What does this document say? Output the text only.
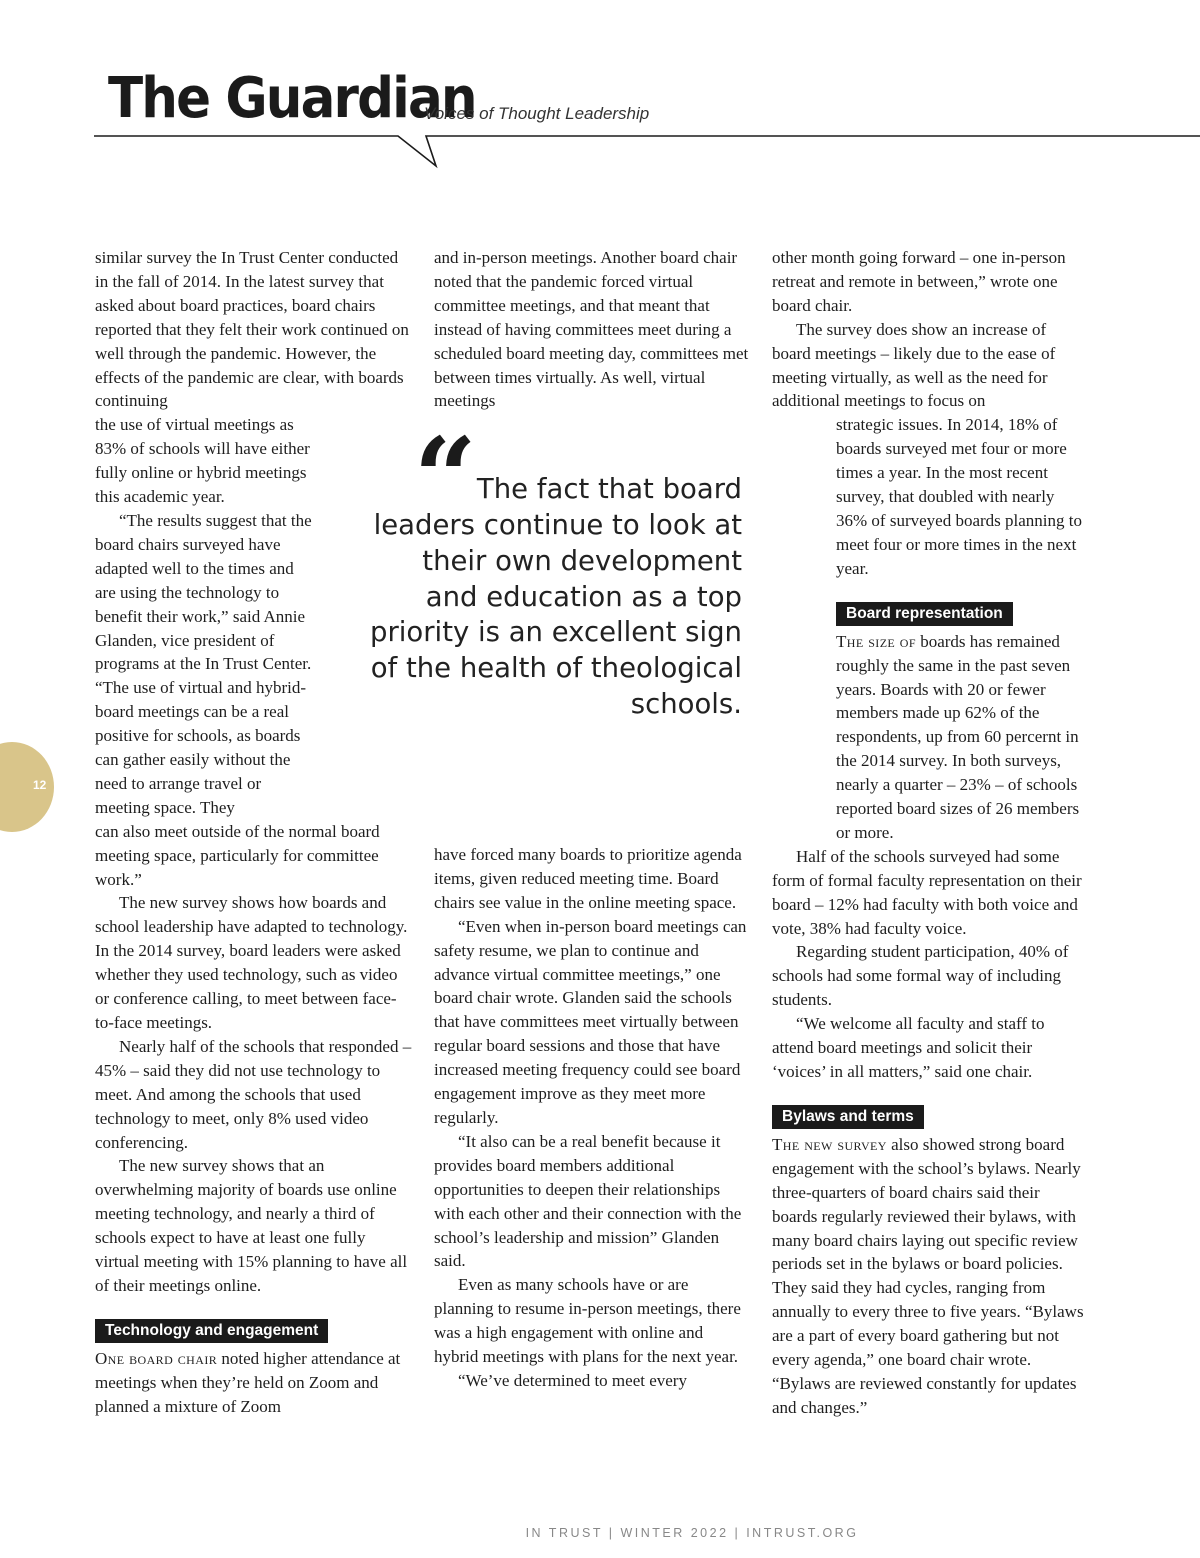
The Guardian
Voices of Thought Leadership
12

similar survey the In Trust Center conducted in the fall of 2014. In the latest survey that asked about board practices, board chairs reported that they felt their work continued on well through the pandemic. However, the effects of the pandemic are clear, with boards continuing

the use of virtual meetings as 83% of schools will have either fully online or hybrid meetings this academic year.

“The results suggest that the board chairs surveyed have adapted well to the times and are using the technology to benefit their work,” said Annie Glanden, vice president of programs at the In Trust Center. “The use of virtual and hybrid-board meetings can be a real positive for schools, as boards can gather easily without the need to arrange travel or meeting space. They

can also meet outside of the normal board meeting space, particularly for committee work.”

The new survey shows how boards and school leadership have adapted to technology. In the 2014 survey, board leaders were asked whether they used technology, such as video or conference calling, to meet between face-to-face meetings.

Nearly half of the schools that responded – 45% – said they did not use technology to meet. And among the schools that used technology to meet, only 8% used video conferencing.

The new survey shows that an overwhelming majority of boards use online meeting technology, and nearly a third of schools expect to have at least one fully virtual meeting with 15% planning to have all of their meetings online.

Technology and engagement

One board chair noted higher attendance at meetings when they’re held on Zoom and planned a mixture of Zoom

and in-person meetings. Another board chair noted that the pandemic forced virtual committee meetings, and that meant that instead of having committees meet during a scheduled board meeting day, committees met between times virtually. As well, virtual meetings

“The fact that board leaders continue to look at their own development and education as a top priority is an excellent sign of the health of theological schools.

have forced many boards to prioritize agenda items, given reduced meeting time. Board chairs see value in the online meeting space.

“Even when in-person board meetings can safety resume, we plan to continue and advance virtual committee meetings,” one board chair wrote. Glanden said the schools that have committees meet virtually between regular board sessions and those that have increased meeting frequency could see board engagement improve as they meet more regularly.

“It also can be a real benefit because it provides board members additional opportunities to deepen their relationships with each other and their connection with the school’s leadership and mission” Glanden said.

Even as many schools have or are planning to resume in-person meetings, there was a high engagement with online and hybrid meetings with plans for the next year.

“We’ve determined to meet every

other month going forward – one in-person retreat and remote in between,” wrote one board chair.

The survey does show an increase of board meetings – likely due to the ease of meeting virtually, as well as the need for additional meetings to focus on

strategic issues. In 2014, 18% of boards surveyed met four or more times a year. In the most recent survey, that doubled with nearly 36% of surveyed boards planning to meet four or more times in the next year.

Board representation

The size of boards has remained roughly the same in the past seven years. Boards with 20 or fewer members made up 62% of the respondents, up from 60 percernt in the 2014 survey. In both surveys, nearly a quarter – 23% – of schools reported board sizes of 26 members or more.

Half of the schools surveyed had some form of formal faculty representation on their board – 12% had faculty with both voice and vote, 38% had faculty voice.

Regarding student participation, 40% of schools had some formal way of including students.

“We welcome all faculty and staff to attend board meetings and solicit their ‘voices’ in all matters,” said one chair.

Bylaws and terms

The new survey also showed strong board engagement with the school’s bylaws. Nearly three-quarters of board chairs said their boards regularly reviewed their bylaws, with many board chairs laying out specific review periods set in the bylaws or board policies. They said they had cycles, ranging from annually to every three to five years. “Bylaws are a part of every board gathering but not every agenda,” one board chair wrote. “Bylaws are reviewed constantly for updates and changes.”

IN TRUST | WINTER 2022 | INTRUST.ORG
